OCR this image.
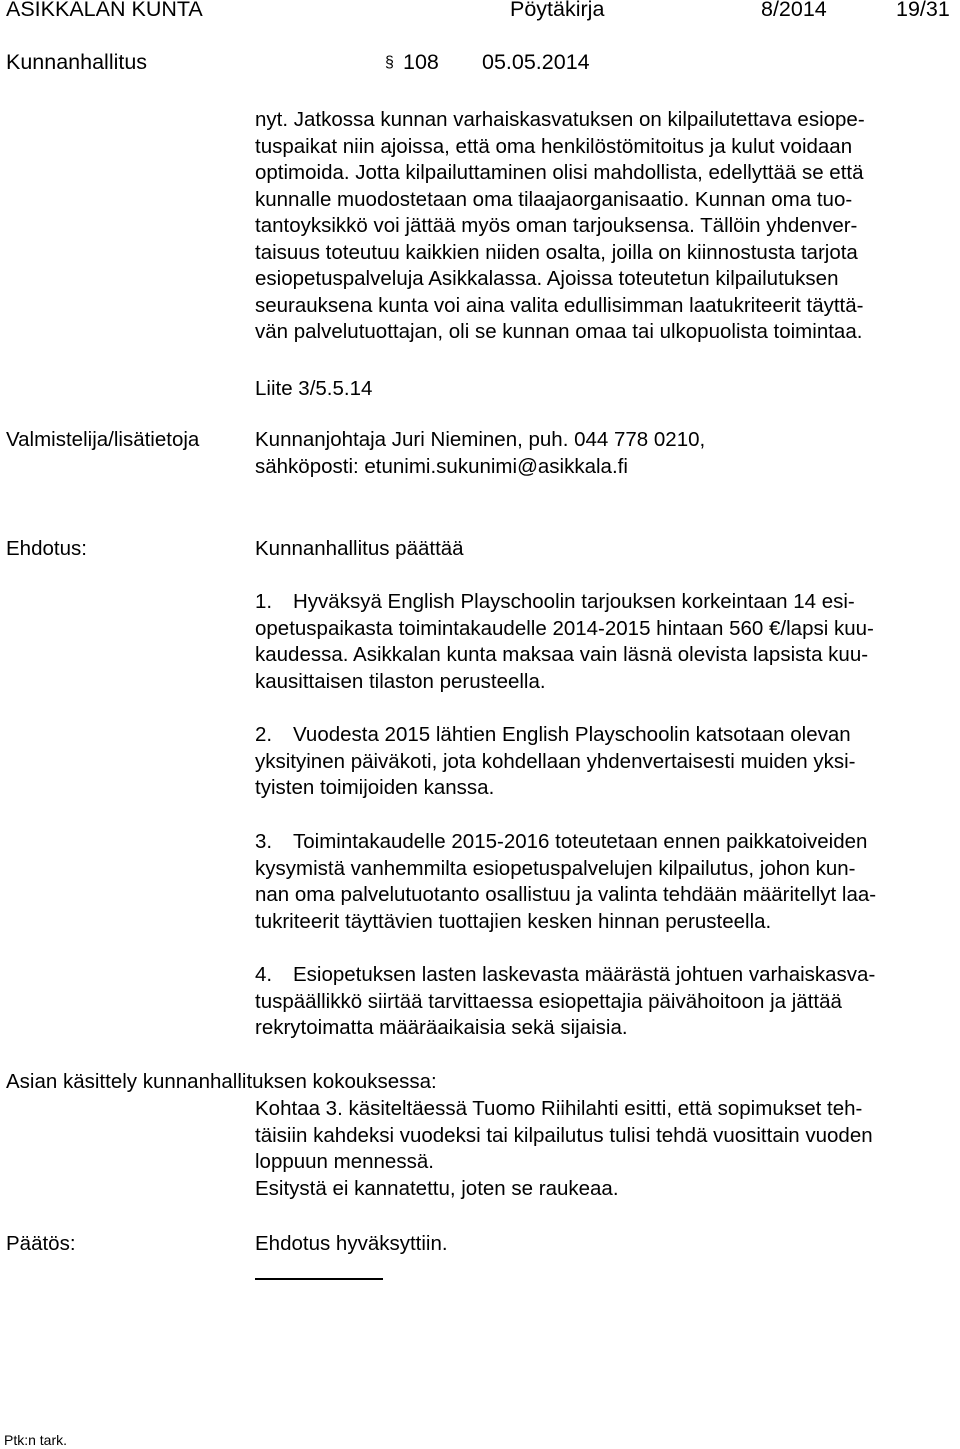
ASIKKALAN KUNTA	Pöytäkirja	8/2014	19/31
Kunnanhallitus	108
§	05.05.2014
nyt. Jatkossa kunnan varhaiskasvatuksen on kilpailutettava esiope-
tuspaikat niin ajoissa, että oma henkilöstömitoitus ja kulut voidaan
optimoida. Jotta kilpailuttaminen olisi mahdollista, edellyttää se että
kunnalle muodostetaan oma tilaajaorganisaatio. Kunnan oma tuo-
tantoyksikkö voi jättää myös oman tarjouksensa. Tällöin yhdenver-
taisuus toteutuu kaikkien niiden osalta, joilla on kiinnostusta tarjota
esiopetuspalveluja Asikkalassa. Ajoissa toteutetun kilpailutuksen
seurauksena kunta voi aina valita edullisimman laatukriteerit täyttä-
vän palvelutuottajan, oli se kunnan omaa tai ulkopuolista toimintaa.
Liite 3/5.5.14
Valmistelija/lisätietoja	Kunnanjohtaja Juri Nieminen, puh. 044 778 0210,
sähköposti: etunimi.sukunimi@asikkala.fi
Ehdotus:	Kunnanhallitus päättää
1. Hyväksyä English Playschoolin tarjouksen korkeintaan 14 esi-
opetuspaikasta toimintakaudelle 2014-2015 hintaan 560 €/lapsi kuu-
kaudessa. Asikkalan kunta maksaa vain läsnä olevista lapsista kuu-
kausittaisen tilaston perusteella.
2. Vuodesta 2015 lähtien English Playschoolin katsotaan olevan
yksityinen päiväkoti, jota kohdellaan yhdenvertaisesti muiden yksi-
tyisten toimijoiden kanssa.
3. Toimintakaudelle 2015-2016 toteutetaan ennen paikkatoiveiden
kysymistä vanhemmilta esiopetuspalvelujen kilpailutus, johon kun-
nan oma palvelutuotanto osallistuu ja valinta tehdään määritellyt laa-
tukriteerit täyttävien tuottajien kesken hinnan perusteella.
4. Esiopetuksen lasten laskevasta määrästä johtuen varhaiskasva-
tuspäällikkö siirtää tarvittaessa esiopettajia päivähoitoon ja jättää
rekrytoimatta määräaikaisia sekä sijaisia.
Asian käsittely kunnanhallituksen kokouksessa:
Kohtaa 3. käsiteltäessä Tuomo Riihilahti esitti, että sopimukset teh-
täisiin kahdeksi vuodeksi tai kilpailutus tulisi tehdä vuosittain vuoden
loppuun mennessä.
Esitystä ei kannatettu, joten se raukeaa.
Päätös:	Ehdotus hyväksyttiin.
Ptk:n tark.
